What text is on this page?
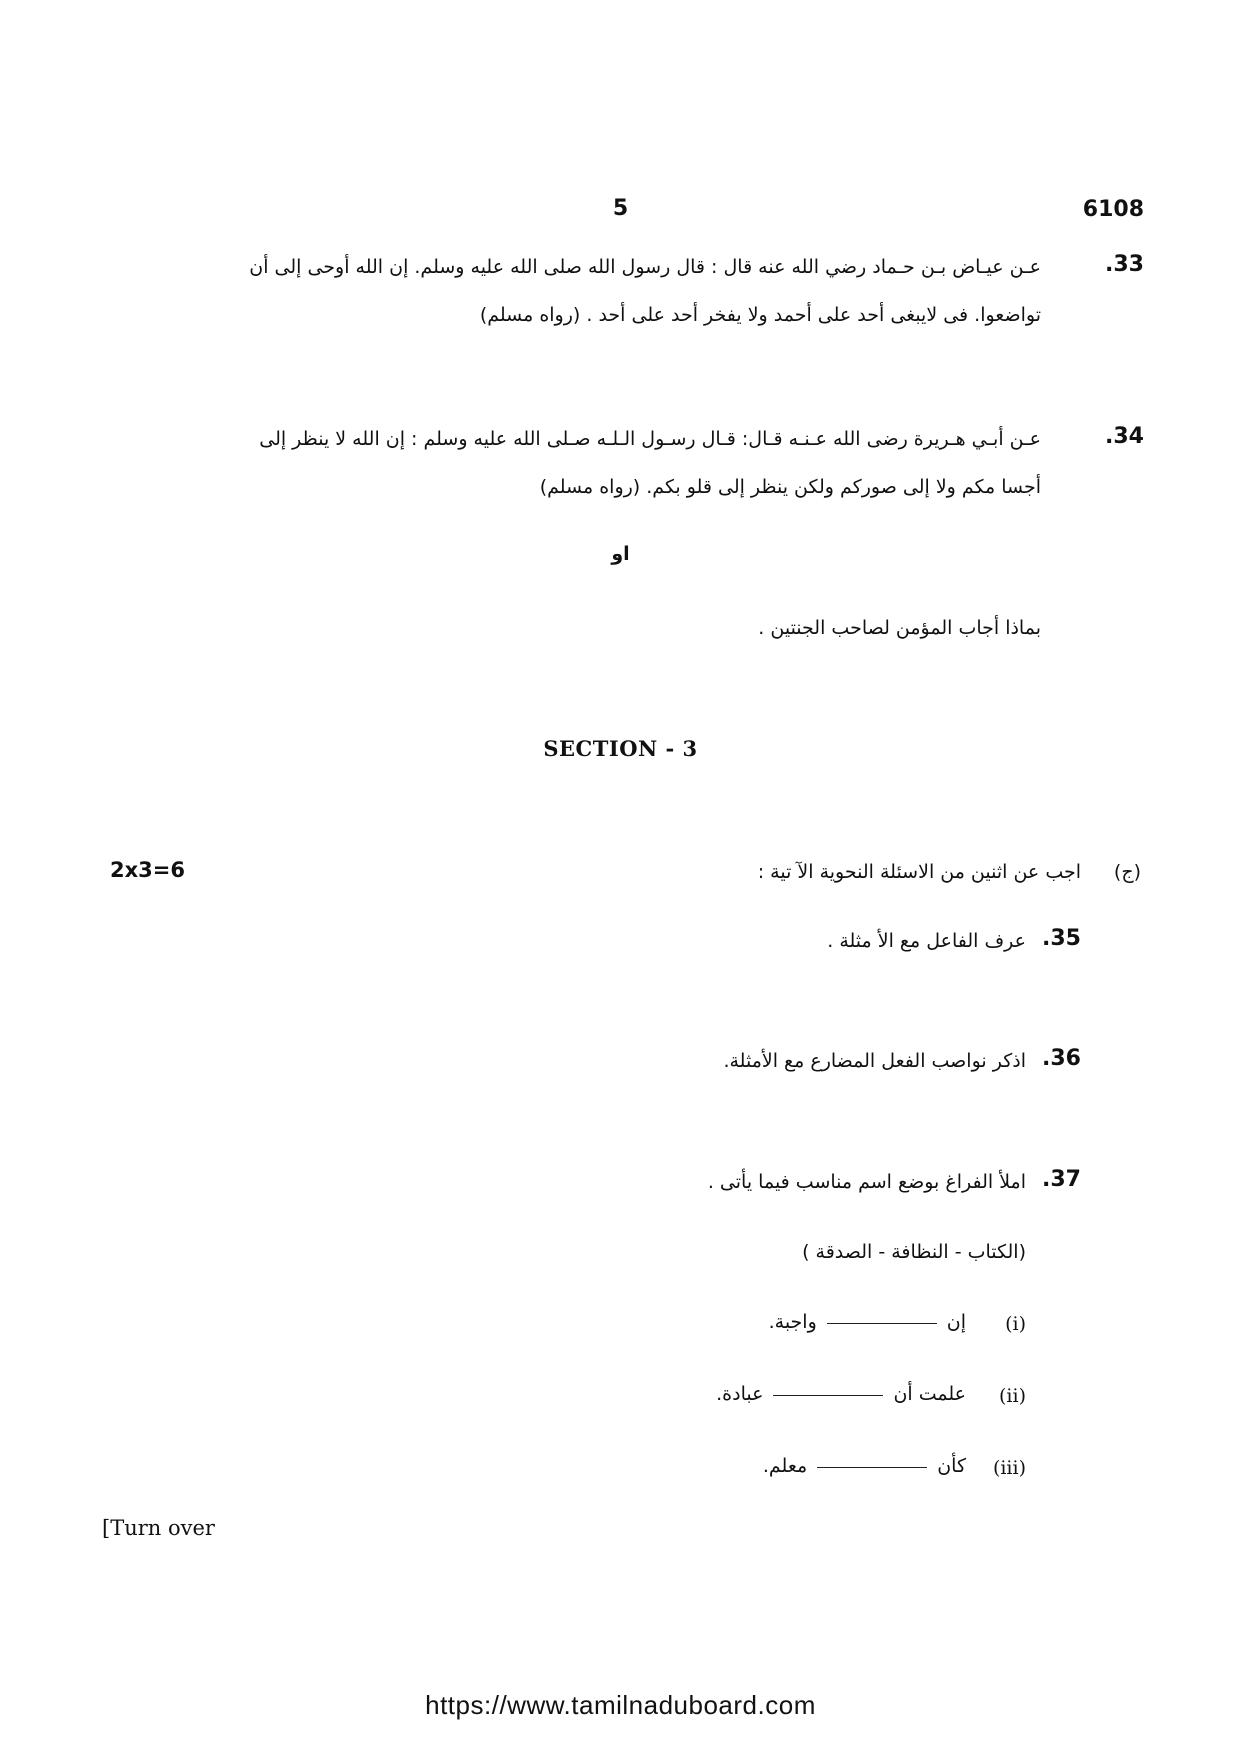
5	6108
.33
عـن عيـاض بـن حـماد رضي الله عنه قال : قال رسول الله صلى الله عليه وسلم. إن الله أوحى إلى أن
تواضعوا. فى لايبغى أحد على أحمد ولا يفخر أحد على أحد . (رواه مسلم)
.34
عـن أبـي هـريرة رضى الله عـنـه قـال: قـال رسـول الـلـه صـلى الله عليه وسلم : إن الله لا ينظر إلى
أجسا مكم ولا إلى صوركم ولكن ينظر إلى قلو بكم. (رواه مسلم)
او
بماذا أجاب المؤمن لصاحب الجنتين .
SECTION - 3
2x3=6	(ج)
اجب عن اثنين من الاسئلة النحوية الآ تية :
.35
عرف الفاعل مع الأ مثلة .
.36
اذكر نواصب الفعل المضارع مع الأمثلة.
.37
املأ الفراغ بوضع اسم مناسب فيما يأتى .
(الكتاب - النظافة - الصدقة )
(i)
إنواجبة.
(ii)
علمت أنعبادة.
(iii)
كأنمعلم.
[Turn over
https://www.tamilnaduboard.com
